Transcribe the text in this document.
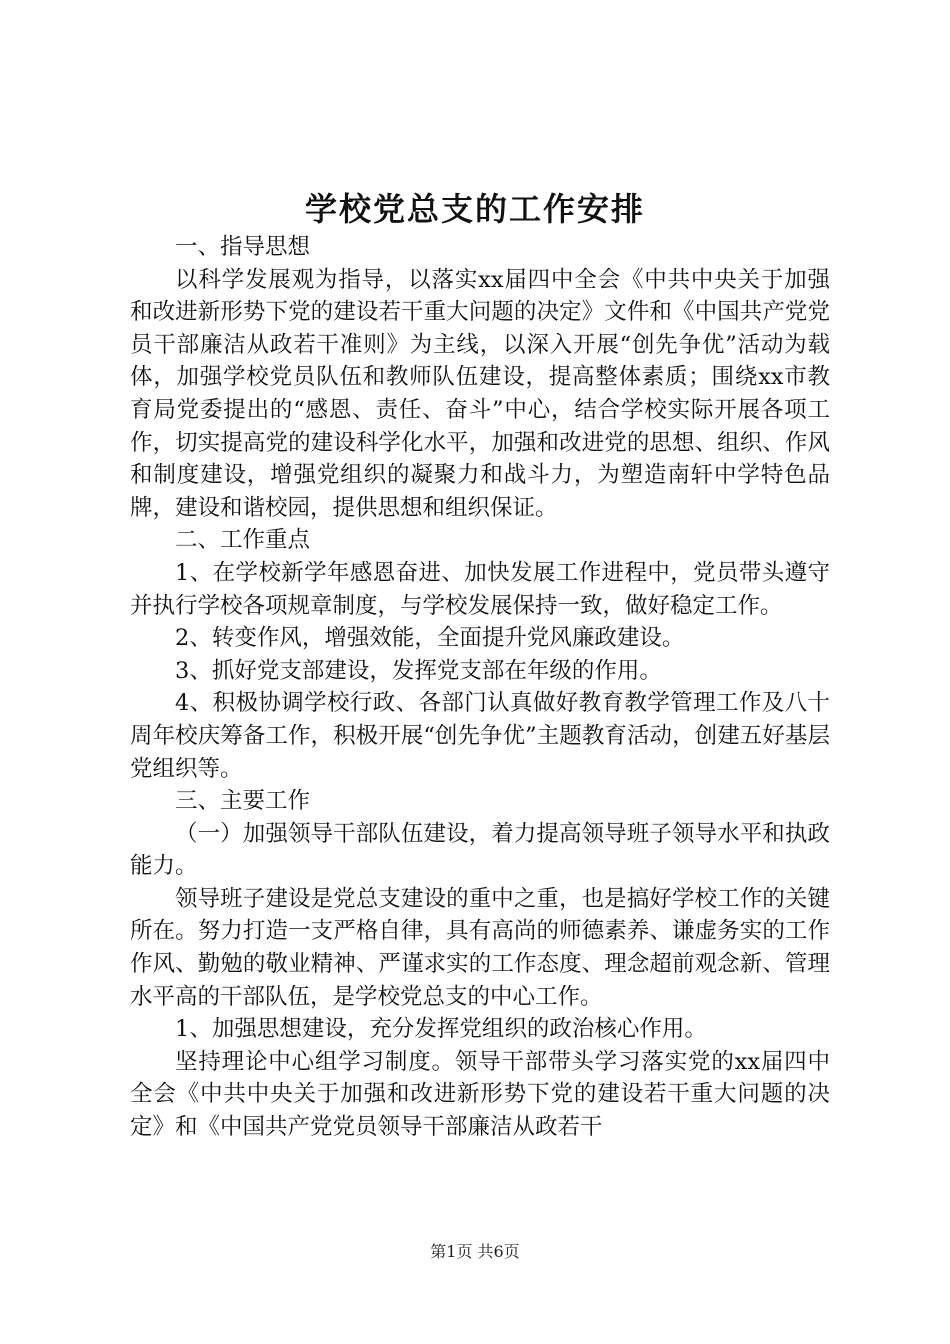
学校党总支的工作安排

一、指导思想

以科学发展观为指导，以落实xx届四中全会《中共中央关于加强和改进新形势下党的建设若干重大问题的决定》文件和《中国共产党党员干部廉洁从政若干准则》为主线，以深入开展“创先争优”活动为载体，加强学校党员队伍和教师队伍建设，提高整体素质；围绕xx市教育局党委提出的“感恩、责任、奋斗”中心，结合学校实际开展各项工作，切实提高党的建设科学化水平，加强和改进党的思想、组织、作风和制度建设，增强党组织的凝聚力和战斗力，为塑造南轩中学特色品牌，建设和谐校园，提供思想和组织保证。

二、工作重点

1、在学校新学年感恩奋进、加快发展工作进程中，党员带头遵守并执行学校各项规章制度，与学校发展保持一致，做好稳定工作。

2、转变作风，增强效能，全面提升党风廉政建设。

3、抓好党支部建设，发挥党支部在年级的作用。

4、积极协调学校行政、各部门认真做好教育教学管理工作及八十周年校庆筹备工作，积极开展“创先争优”主题教育活动，创建五好基层党组织等。

三、主要工作

（一）加强领导干部队伍建设，着力提高领导班子领导水平和执政能力。

领导班子建设是党总支建设的重中之重，也是搞好学校工作的关键所在。努力打造一支严格自律，具有高尚的师德素养、谦虚务实的工作作风、勤勉的敬业精神、严谨求实的工作态度、理念超前观念新、管理水平高的干部队伍，是学校党总支的中心工作。

1、加强思想建设，充分发挥党组织的政治核心作用。

坚持理论中心组学习制度。领导干部带头学习落实党的xx届四中全会《中共中央关于加强和改进新形势下党的建设若干重大问题的决定》和《中国共产党党员领导干部廉洁从政若干

第1页 共6页
